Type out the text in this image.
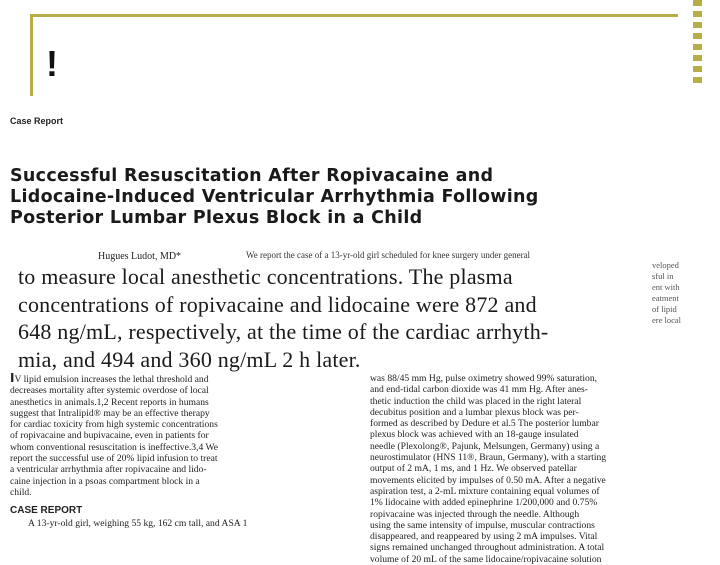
!
Case Report
Successful Resuscitation After Ropivacaine and
Lidocaine-Induced Ventricular Arrhythmia Following
Posterior Lumbar Plexus Block in a Child
Hugues Ludot, MD*	We report the case of a 13-yr-old girl scheduled for knee surgery under general
veloped
sful in
ent with
eatment
of lipid
ere local
to measure local anesthetic concentrations. The plasma
concentrations of ropivacaine and lidocaine were 872 and
648 ng/mL, respectively, at the time of the cardiac arrhyth-
mia, and 494 and 360 ng/mL 2 h later.
IV lipid emulsion increases the lethal threshold and
decreases mortality after systemic overdose of local
anesthetics in animals.1,2 Recent reports in humans
suggest that Intralipid® may be an effective therapy
for cardiac toxicity from high systemic concentrations
of ropivacaine and bupivacaine, even in patients for
whom conventional resuscitation is ineffective.3,4 We
report the successful use of 20% lipid infusion to treat
a ventricular arrhythmia after ropivacaine and lido-
caine injection in a psoas compartment block in a
child.
CASE REPORT
A 13-yr-old girl, weighing 55 kg, 162 cm tall, and ASA 1
was 88/45 mm Hg, pulse oximetry showed 99% saturation,
and end-tidal carbon dioxide was 41 mm Hg. After anes-
thetic induction the child was placed in the right lateral
decubitus position and a lumbar plexus block was per-
formed as described by Dedure et al.5 The posterior lumbar
plexus block was achieved with an 18-gauge insulated
needle (Plexolong®, Pajunk, Melsungen, Germany) using a
neurostimulator (HNS 11®, Braun, Germany), with a starting
output of 2 mA, 1 ms, and 1 Hz. We observed patellar
movements elicited by impulses of 0.50 mA. After a negative
aspiration test, a 2-mL mixture containing equal volumes of
1% lidocaine with added epinephrine 1/200,000 and 0.75%
ropivacaine was injected through the needle. Although
using the same intensity of impulse, muscular contractions
disappeared, and reappeared by using 2 mA impulses. Vital
signs remained unchanged throughout administration. A total
volume of 20 mL of the same lidocaine/ropivacaine solution
